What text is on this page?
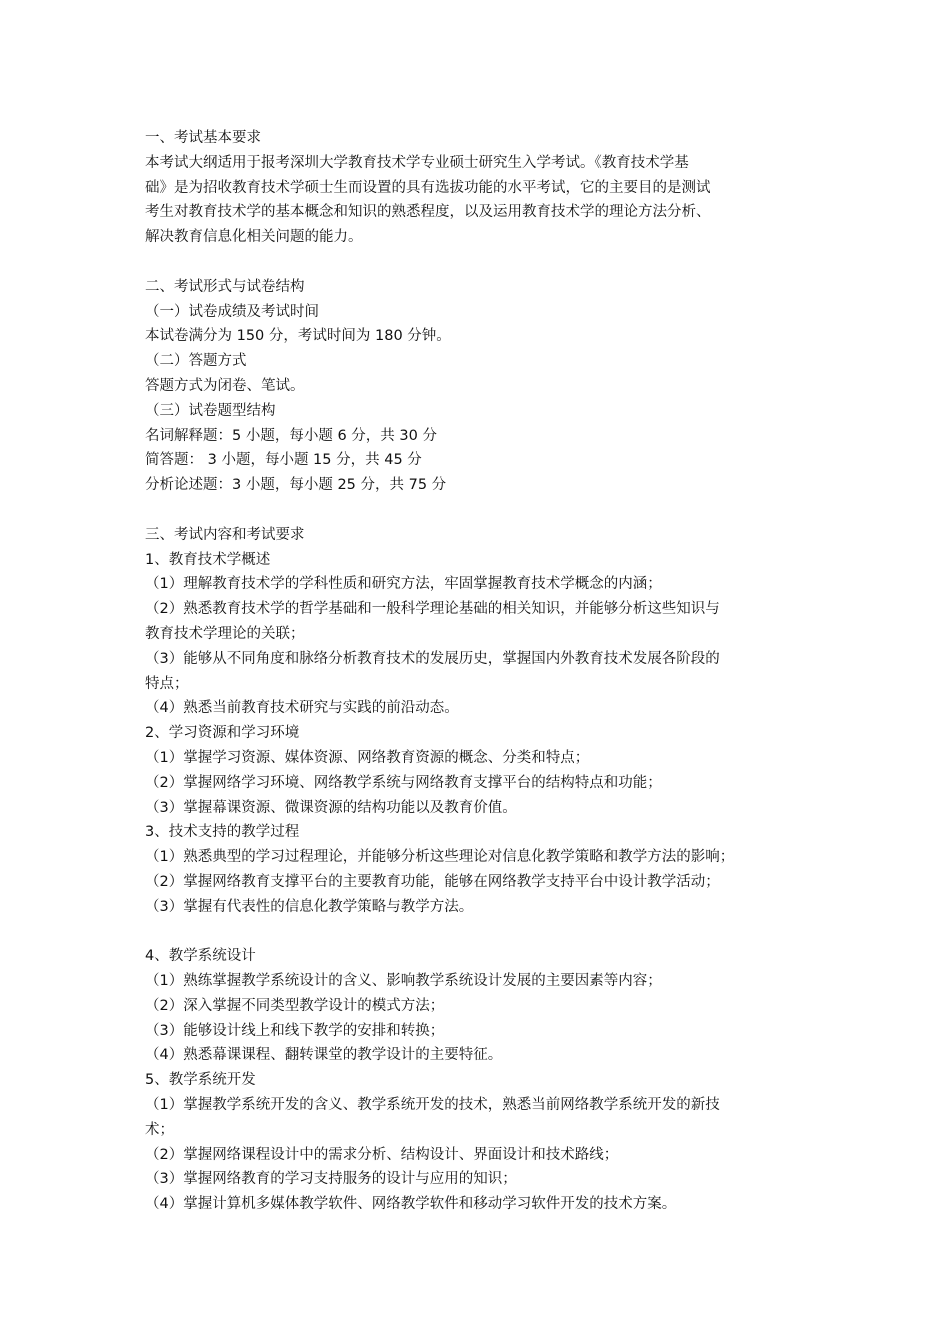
一、考试基本要求
本考试大纲适用于报考深圳大学教育技术学专业硕士研究生入学考试。《教育技术学基
础》是为招收教育技术学硕士生而设置的具有选拔功能的水平考试，它的主要目的是测试
考生对教育技术学的基本概念和知识的熟悉程度，以及运用教育技术学的理论方法分析、
解决教育信息化相关问题的能力。
二、考试形式与试卷结构
（一）试卷成绩及考试时间
本试卷满分为 150 分，考试时间为 180 分钟。
（二）答题方式
答题方式为闭卷、笔试。
（三）试卷题型结构
名词解释题：5 小题，每小题 6 分，共 30 分
简答题： 3 小题，每小题 15 分，共 45 分
分析论述题：3 小题，每小题 25 分，共 75 分
三、考试内容和考试要求
1、教育技术学概述
（1）理解教育技术学的学科性质和研究方法，牢固掌握教育技术学概念的内涵；
（2）熟悉教育技术学的哲学基础和一般科学理论基础的相关知识，并能够分析这些知识与
教育技术学理论的关联；
（3）能够从不同角度和脉络分析教育技术的发展历史，掌握国内外教育技术发展各阶段的
特点；
（4）熟悉当前教育技术研究与实践的前沿动态。
2、学习资源和学习环境
（1）掌握学习资源、媒体资源、网络教育资源的概念、分类和特点；
（2）掌握网络学习环境、网络教学系统与网络教育支撑平台的结构特点和功能；
（3）掌握幕课资源、微课资源的结构功能以及教育价值。
3、技术支持的教学过程
（1）熟悉典型的学习过程理论，并能够分析这些理论对信息化教学策略和教学方法的影响；
（2）掌握网络教育支撑平台的主要教育功能，能够在网络教学支持平台中设计教学活动；
（3）掌握有代表性的信息化教学策略与教学方法。
4、教学系统设计
（1）熟练掌握教学系统设计的含义、影响教学系统设计发展的主要因素等内容；
（2）深入掌握不同类型教学设计的模式方法；
（3）能够设计线上和线下教学的安排和转换；
（4）熟悉幕课课程、翻转课堂的教学设计的主要特征。
5、教学系统开发
（1）掌握教学系统开发的含义、教学系统开发的技术，熟悉当前网络教学系统开发的新技
术；
（2）掌握网络课程设计中的需求分析、结构设计、界面设计和技术路线；
（3）掌握网络教育的学习支持服务的设计与应用的知识；
（4）掌握计算机多媒体教学软件、网络教学软件和移动学习软件开发的技术方案。
